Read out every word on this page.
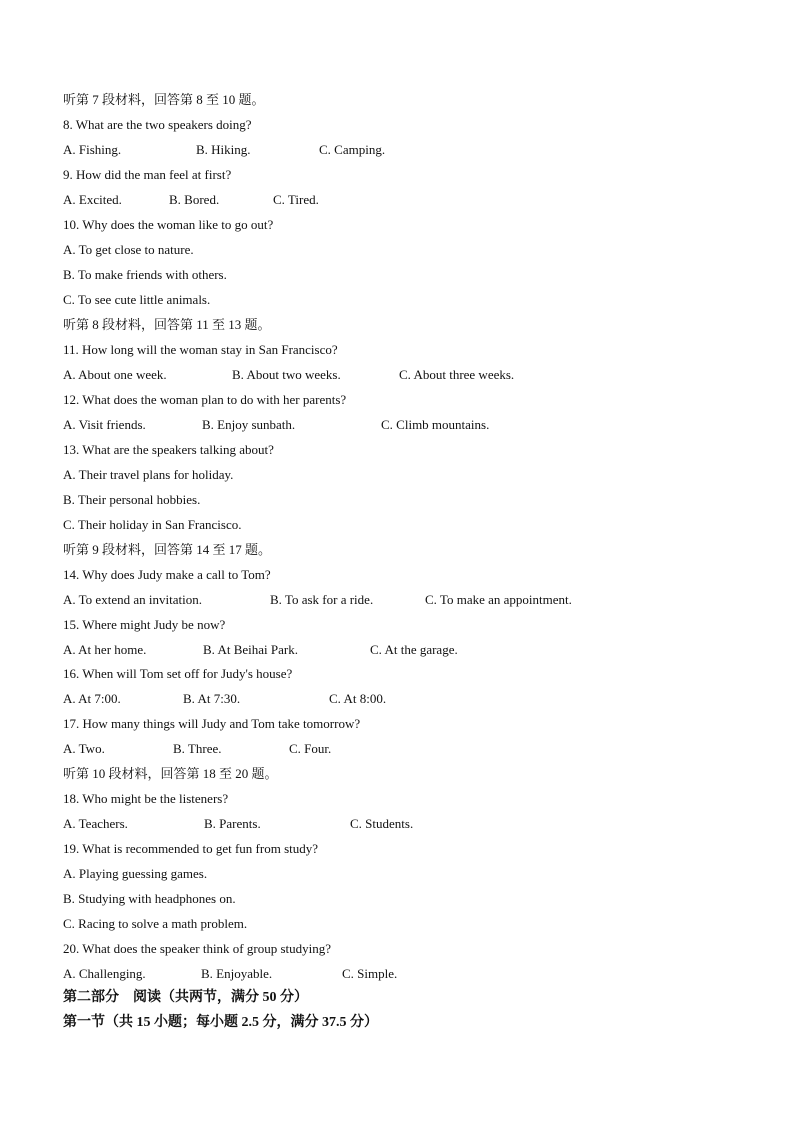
听第 7 段材料，回答第 8 至 10 题。
8. What are the two speakers doing?
A. Fishing.	B. Hiking.	C. Camping.
9. How did the man feel at first?
A. Excited.	B. Bored.	C. Tired.
10. Why does the woman like to go out?
A. To get close to nature.
B. To make friends with others.
C. To see cute little animals.
听第 8 段材料，回答第 11 至 13 题。
11. How long will the woman stay in San Francisco?
A. About one week.	B. About two weeks.	C. About three weeks.
12. What does the woman plan to do with her parents?
A. Visit friends.	B. Enjoy sunbath.	C. Climb mountains.
13. What are the speakers talking about?
A. Their travel plans for holiday.
B. Their personal hobbies.
C. Their holiday in San Francisco.
听第 9 段材料，回答第 14 至 17 题。
14. Why does Judy make a call to Tom?
A. To extend an invitation.	B. To ask for a ride.	C. To make an appointment.
15. Where might Judy be now?
A. At her home.	B. At Beihai Park.	C. At the garage.
16. When will Tom set off for Judy's house?
A. At 7:00.	B. At 7:30.	C. At 8:00.
17. How many things will Judy and Tom take tomorrow?
A. Two.	B. Three.	C. Four.
听第 10 段材料，回答第 18 至 20 题。
18. Who might be the listeners?
A. Teachers.	B. Parents.	C. Students.
19. What is recommended to get fun from study?
A. Playing guessing games.
B. Studying with headphones on.
C. Racing to solve a math problem.
20. What does the speaker think of group studying?
A. Challenging.	B. Enjoyable.	C. Simple.
第二部分　阅读（共两节，满分 50 分）
第一节（共 15 小题；每小题 2.5 分，满分 37.5 分）
